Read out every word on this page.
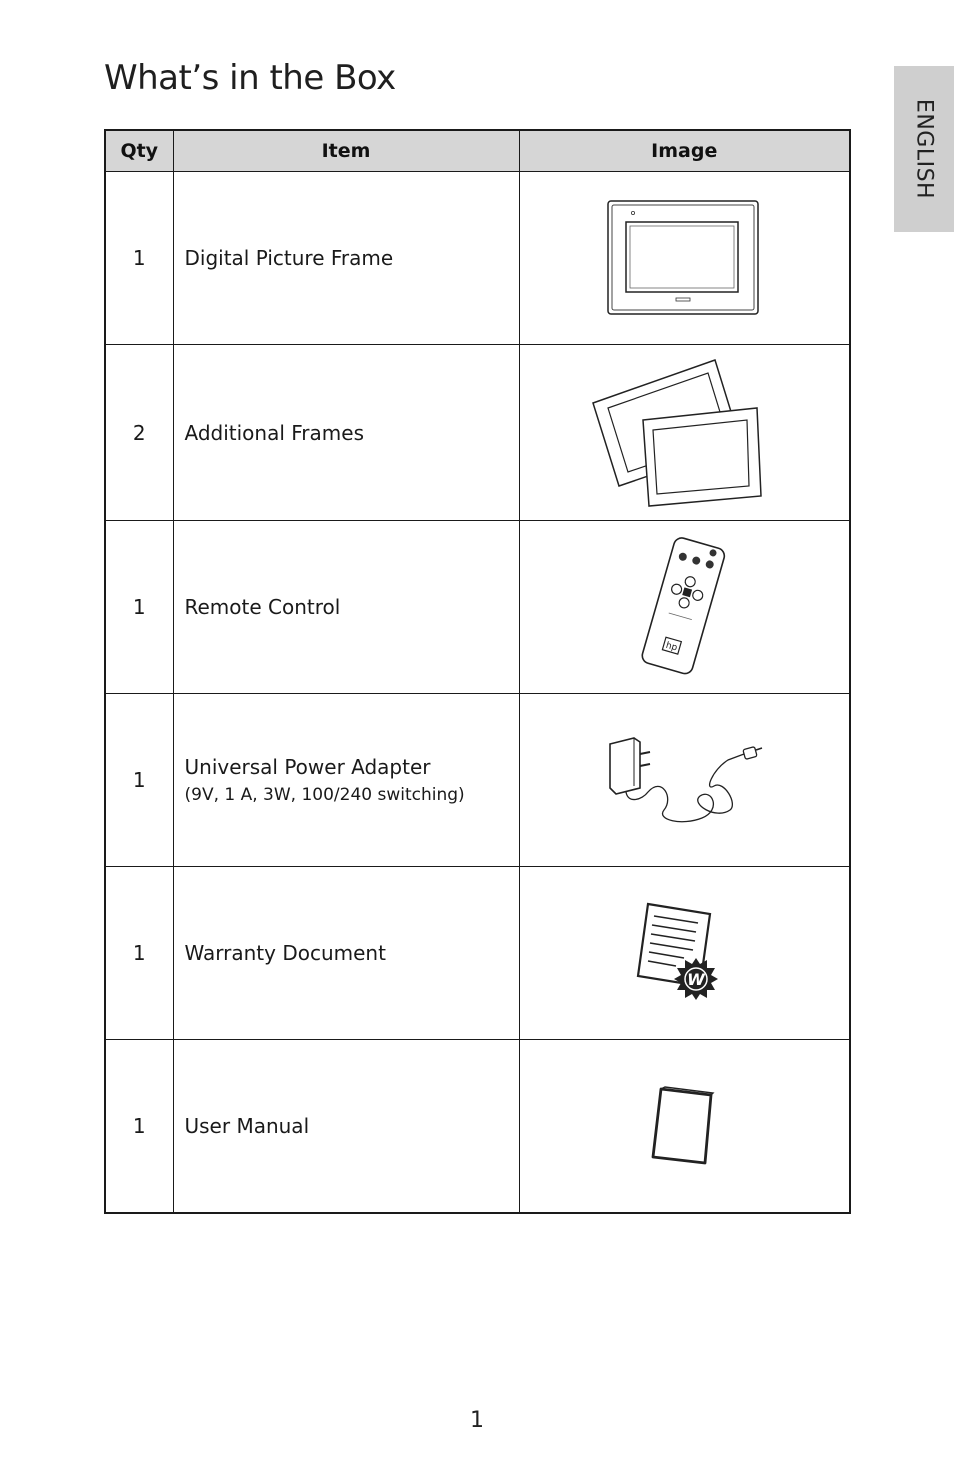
What’s in the Box
ENGLISH
Qty	Item	Image
1	Digital Picture Frame	
2	Additional Frames	
1	Remote Control	hp

1	Universal Power Adapter
(9V, 1 A, 3W, 100/240 switching)

1	Warranty Document	W

1	User Manual	
1
